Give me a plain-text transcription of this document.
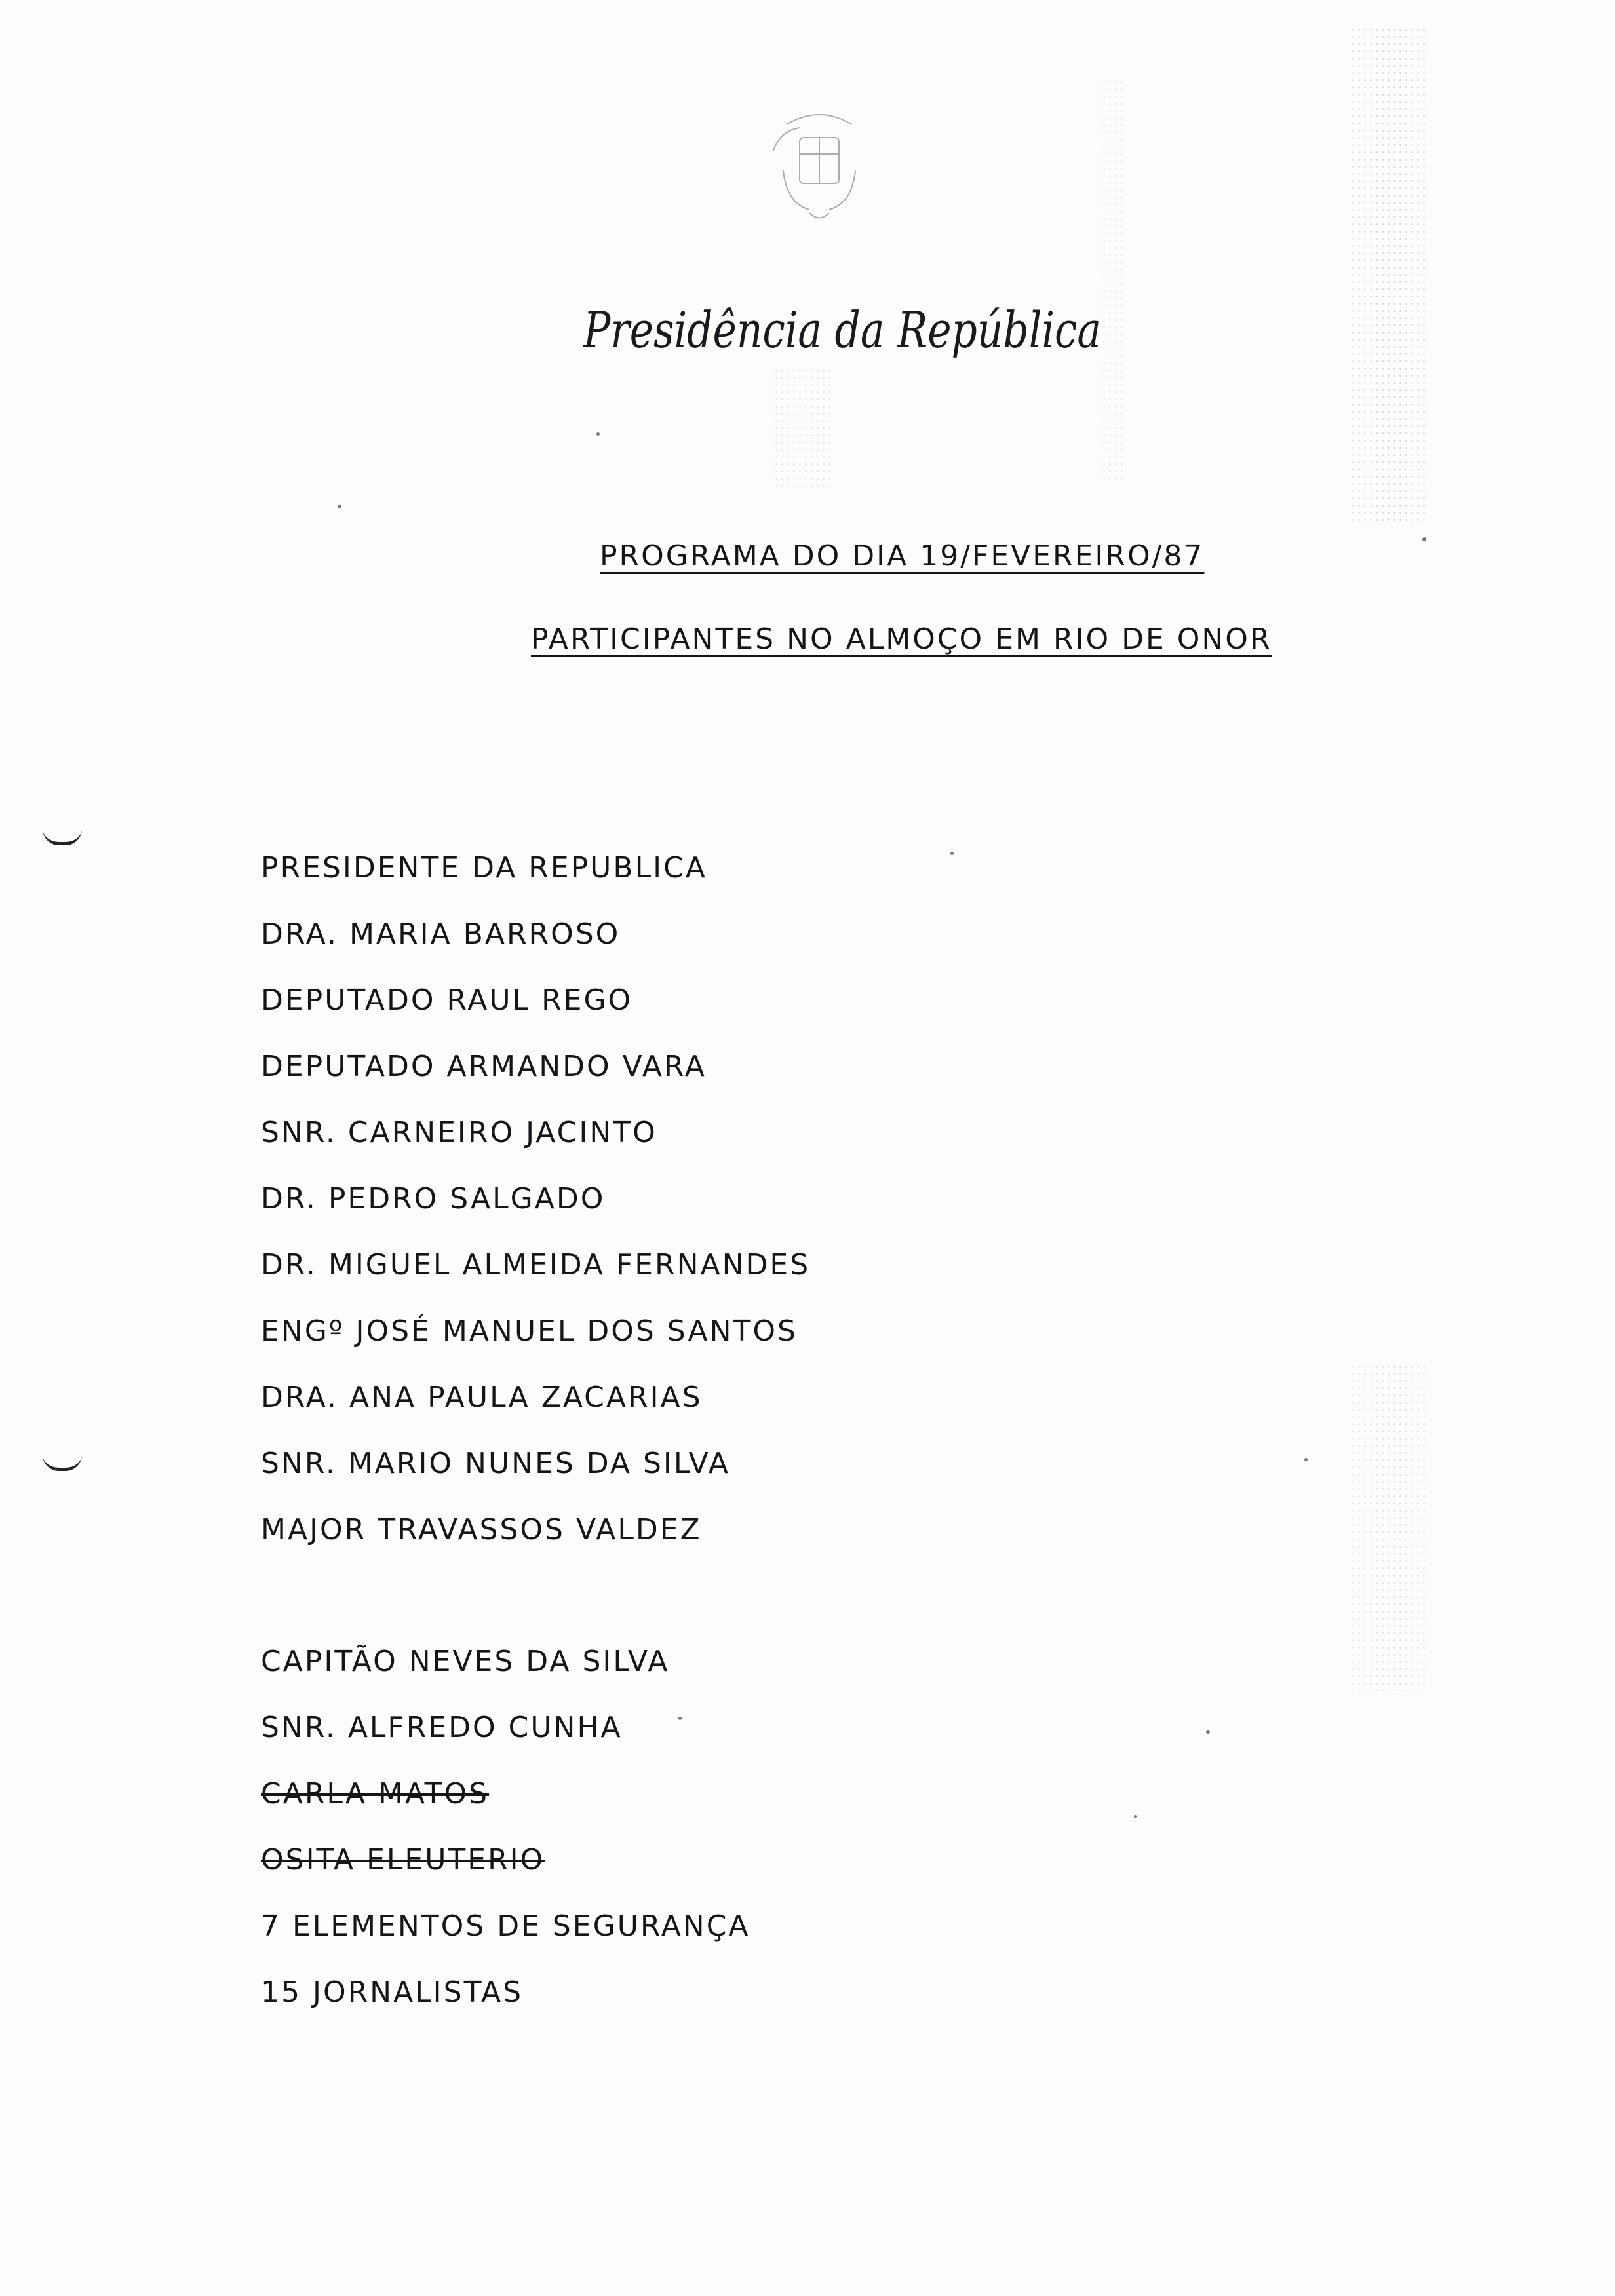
Presidência da República
PROGRAMA DO DIA 19/FEVEREIRO/87
PARTICIPANTES NO ALMOÇO EM RIO DE ONOR
PRESIDENTE DA REPUBLICA
DRA. MARIA BARROSO
DEPUTADO RAUL REGO
DEPUTADO ARMANDO VARA
SNR. CARNEIRO JACINTO
DR. PEDRO SALGADO
DR. MIGUEL ALMEIDA FERNANDES
ENGº JOSÉ MANUEL DOS SANTOS
DRA. ANA PAULA ZACARIAS
SNR. MARIO NUNES DA SILVA
MAJOR TRAVASSOS VALDEZ
CAPITÃO NEVES DA SILVA
SNR. ALFREDO CUNHA
CARLA MATOS
OSITA ELEUTERIO
7 ELEMENTOS DE SEGURANÇA
15 JORNALISTAS
